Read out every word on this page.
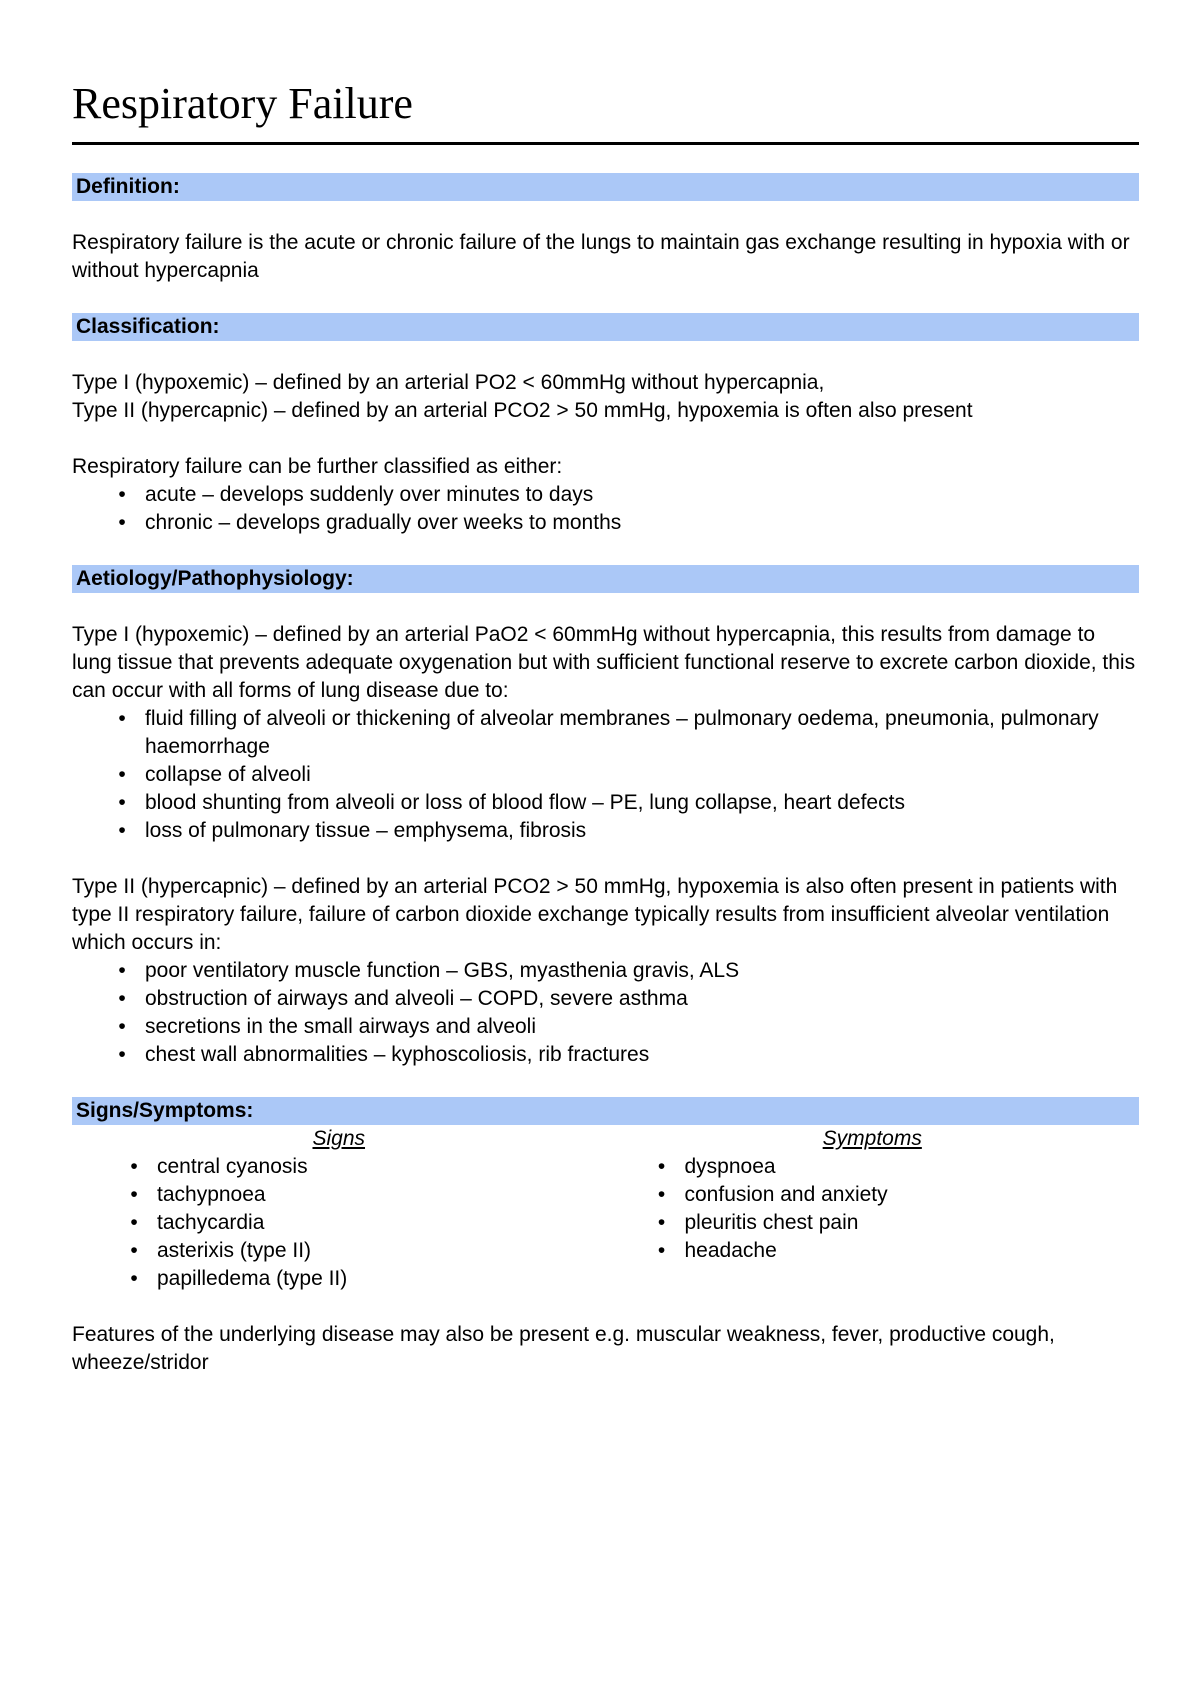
Respiratory Failure
Definition:

Respiratory failure is the acute or chronic failure of the lungs to maintain gas exchange resulting in hypoxia with or without hypercapnia

Classification:

Type I (hypoxemic) – defined by an arterial PO2 < 60mmHg without hypercapnia,

Type II (hypercapnic) – defined by an arterial PCO2 > 50 mmHg, hypoxemia is often also present

Respiratory failure can be further classified as either:

• acute – develops suddenly over minutes to days
• chronic – develops gradually over weeks to months
Aetiology/Pathophysiology:

Type I (hypoxemic) – defined by an arterial PaO2 < 60mmHg without hypercapnia, this results from damage to lung tissue that prevents adequate oxygenation but with sufficient functional reserve to excrete carbon dioxide, this can occur with all forms of lung disease due to:

• fluid filling of alveoli or thickening of alveolar membranes – pulmonary oedema, pneumonia, pulmonary haemorrhage
• collapse of alveoli
• blood shunting from alveoli or loss of blood flow – PE, lung collapse, heart defects
• loss of pulmonary tissue – emphysema, fibrosis

Type II (hypercapnic) – defined by an arterial PCO2 > 50 mmHg, hypoxemia is also often present in patients with type II respiratory failure, failure of carbon dioxide exchange typically results from insufficient alveolar ventilation which occurs in:

• poor ventilatory muscle function – GBS, myasthenia gravis, ALS
• obstruction of airways and alveoli – COPD, severe asthma
• secretions in the small airways and alveoli
• chest wall abnormalities – kyphoscoliosis, rib fractures
Signs/Symptoms:

Signs

• central cyanosis
• tachypnoea
• tachycardia
• asterixis (type II)
• papilledema (type II)

Symptoms

• dyspnoea
• confusion and anxiety
• pleuritis chest pain
• headache

Features of the underlying disease may also be present e.g. muscular weakness, fever, productive cough, wheeze/stridor
